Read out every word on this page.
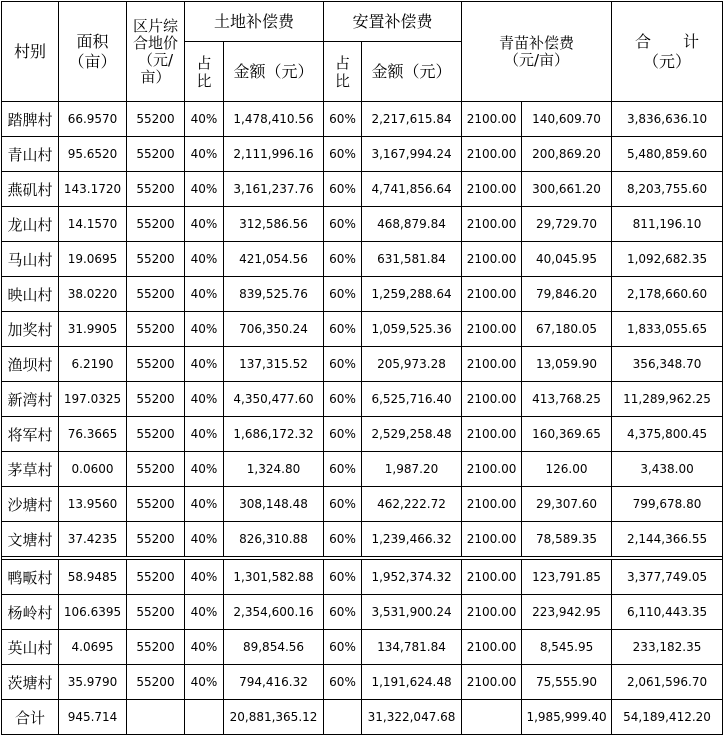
村别	面积（亩）	区片综合地价（元/亩）	土地补偿费		安置补偿费		青苗补偿费（元/亩）		合　　计（元）
			占比	金额（元）	占比	金额（元）			
踏脾村	66.9570	55200	40%	1,478,410.56	60%	2,217,615.84	2100.00	140,609.70	3,836,636.10
青山村	95.6520	55200	40%	2,111,996.16	60%	3,167,994.24	2100.00	200,869.20	5,480,859.60
燕矶村	143.1720	55200	40%	3,161,237.76	60%	4,741,856.64	2100.00	300,661.20	8,203,755.60
龙山村	14.1570	55200	40%	312,586.56	60%	468,879.84	2100.00	29,729.70	811,196.10
马山村	19.0695	55200	40%	421,054.56	60%	631,581.84	2100.00	40,045.95	1,092,682.35
映山村	38.0220	55200	40%	839,525.76	60%	1,259,288.64	2100.00	79,846.20	2,178,660.60
加奖村	31.9905	55200	40%	706,350.24	60%	1,059,525.36	2100.00	67,180.05	1,833,055.65
渔坝村	6.2190	55200	40%	137,315.52	60%	205,973.28	2100.00	13,059.90	356,348.70
新湾村	197.0325	55200	40%	4,350,477.60	60%	6,525,716.40	2100.00	413,768.25	11,289,962.25
将军村	76.3665	55200	40%	1,686,172.32	60%	2,529,258.48	2100.00	160,369.65	4,375,800.45
茅草村	0.0600	55200	40%	1,324.80	60%	1,987.20	2100.00	126.00	3,438.00
沙塘村	13.9560	55200	40%	308,148.48	60%	462,222.72	2100.00	29,307.60	799,678.80
文塘村	37.4235	55200	40%	826,310.88	60%	1,239,466.32	2100.00	78,589.35	2,144,366.55

鸭畈村	58.9485	55200	40%	1,301,582.88	60%	1,952,374.32	2100.00	123,791.85	3,377,749.05
杨岭村	106.6395	55200	40%	2,354,600.16	60%	3,531,900.24	2100.00	223,942.95	6,110,443.35
英山村	4.0695	55200	40%	89,854.56	60%	134,781.84	2100.00	8,545.95	233,182.35
茨塘村	35.9790	55200	40%	794,416.32	60%	1,191,624.48	2100.00	75,555.90	2,061,596.70
合计	945.714			20,881,365.12		31,322,047.68		1,985,999.40	54,189,412.20
